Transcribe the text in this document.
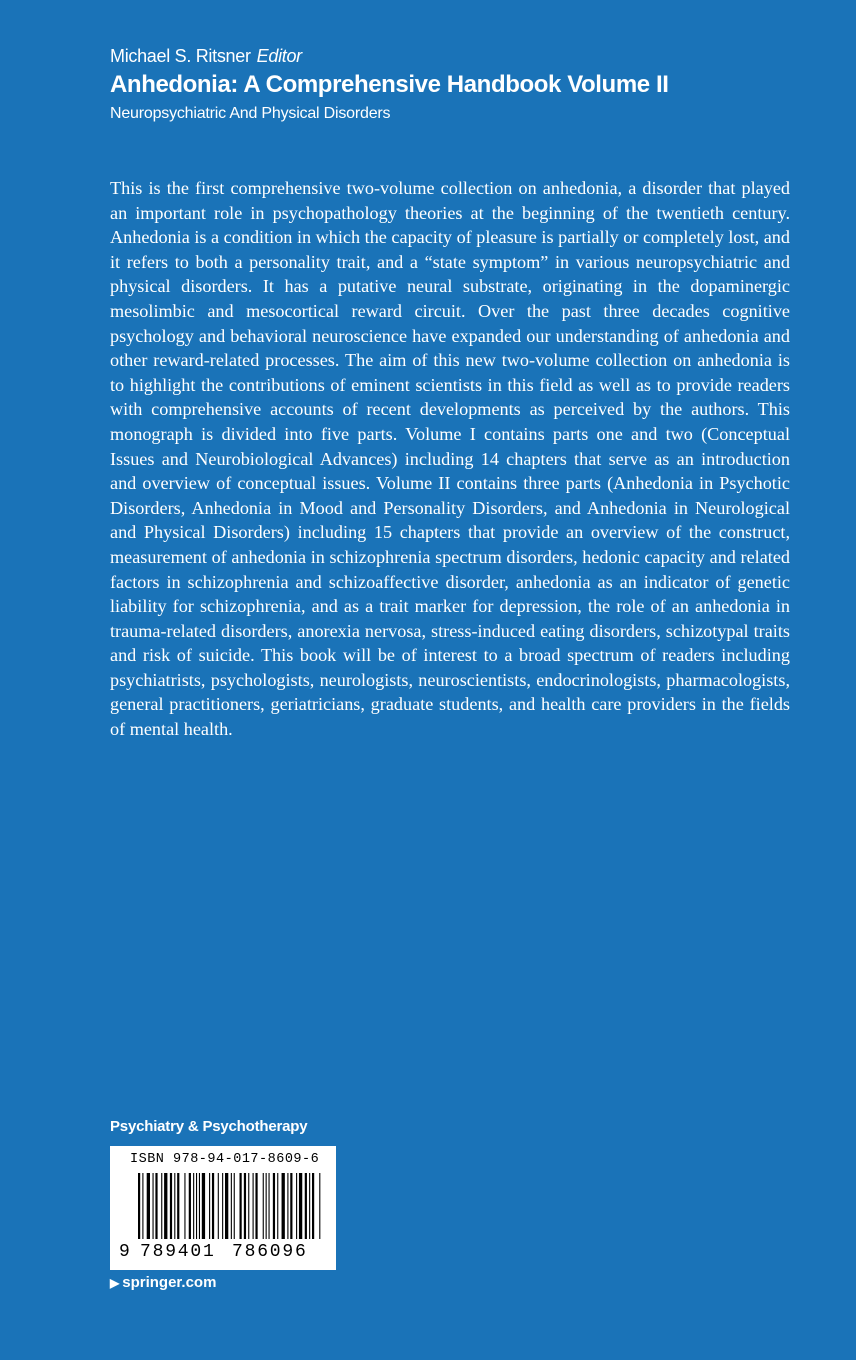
Michael S. Ritsner Editor
Anhedonia: A Comprehensive Handbook Volume II
Neuropsychiatric And Physical Disorders
This is the first comprehensive two-volume collection on anhedonia, a disorder that played an important role in psychopathology theories at the beginning of the twentieth century. Anhedonia is a condition in which the capacity of pleasure is partially or completely lost, and it refers to both a personality trait, and a “state symptom” in various neuropsychiatric and physical disorders. It has a putative neural substrate, originating in the dopaminergic mesolimbic and mesocortical reward circuit. Over the past three decades cognitive psychology and behavioral neuroscience have expanded our understanding of anhedonia and other reward-related processes. The aim of this new two-volume collection on anhedonia is to highlight the contributions of eminent scientists in this field as well as to provide readers with comprehensive accounts of recent developments as perceived by the authors. This monograph is divided into five parts. Volume I contains parts one and two (Conceptual Issues and Neurobiological Advances) including 14 chapters that serve as an introduction and overview of conceptual issues. Volume II contains three parts (Anhedonia in Psychotic Disorders, Anhedonia in Mood and Personality Disorders, and Anhedonia in Neurological and Physical Disorders) including 15 chapters that provide an overview of the construct, measurement of anhedonia in schizophrenia spectrum disorders, hedonic capacity and related factors in schizophrenia and schizoaffective disorder, anhedonia as an indicator of genetic liability for schizophrenia, and as a trait marker for depression, the role of an anhedonia in trauma-related disorders, anorexia nervosa, stress-induced eating disorders, schizotypal traits and risk of suicide. This book will be of interest to a broad spectrum of readers including psychiatrists, psychologists, neurologists, neuroscientists, endocrinologists, pharmacologists, general practitioners, geriatricians, graduate students, and health care providers in the fields of mental health.
Psychiatry & Psychotherapy
ISBN 978-94-017-8609-6
9 789401 786096
▶ springer.com
